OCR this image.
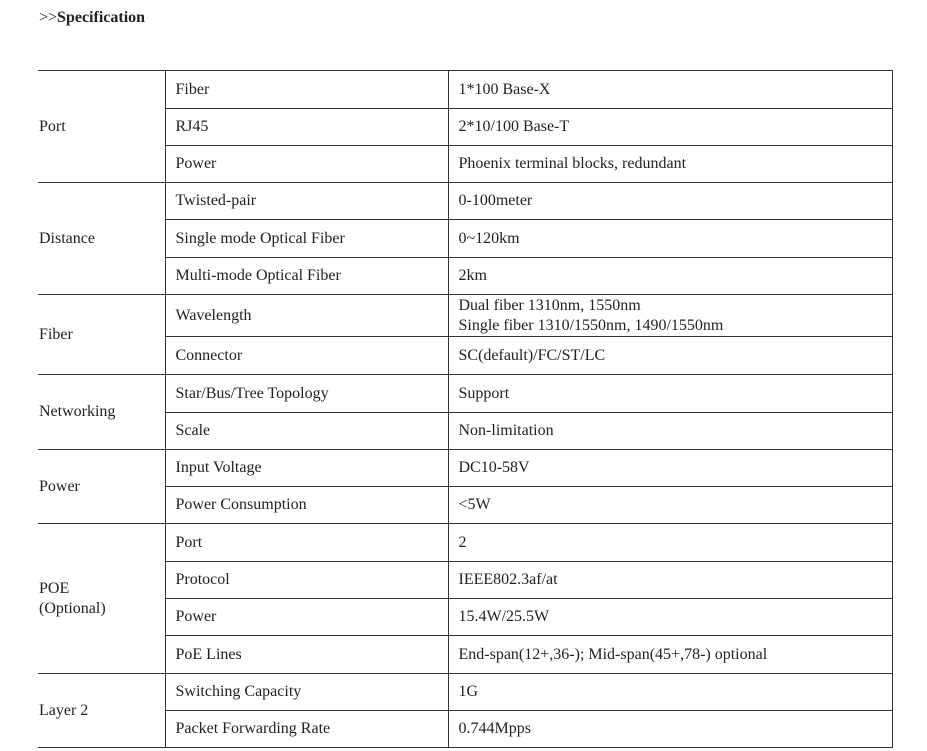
>>Specification
Port	Fiber	1*100 Base-X
	RJ45	2*10/100 Base-T
	Power	Phoenix terminal blocks, redundant
Distance	Twisted-pair	0-100meter
	Single mode Optical Fiber	0~120km
	Multi-mode Optical Fiber	2km
Fiber	Wavelength	Dual fiber 1310nm, 1550nm
Single fiber 1310/1550nm, 1490/1550nm

	Connector	SC(default)/FC/ST/LC
Networking	Star/Bus/Tree Topology	Support
	Scale	Non-limitation
Power	Input Voltage	DC10-58V
	Power Consumption	<5W

POE
(Optional)	Port	2
	Protocol	IEEE802.3af/at
	Power	15.4W/25.5W
	PoE Lines	End-span(12+,36-); Mid-span(45+,78-) optional
Layer 2	Switching Capacity	1G
	Packet Forwarding Rate	0.744Mpps
